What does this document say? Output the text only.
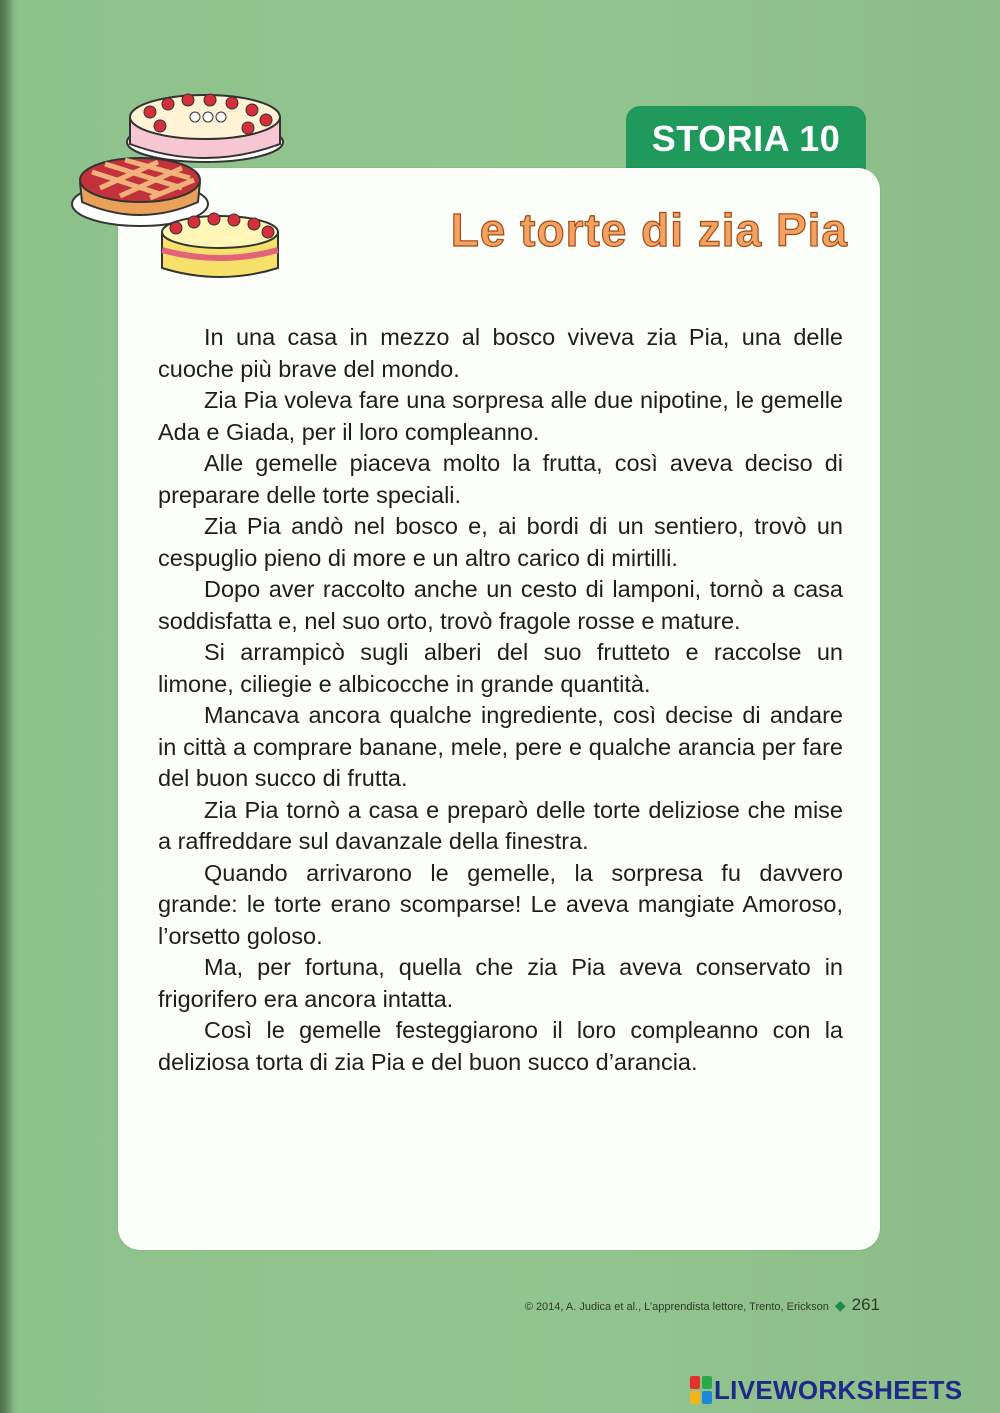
STORIA 10
Le torte di zia Pia

In una casa in mezzo al bosco viveva zia Pia, una delle cuoche più brave del mondo.

Zia Pia voleva fare una sorpresa alle due nipotine, le gemelle Ada e Giada, per il loro compleanno.

Alle gemelle piaceva molto la frutta, così aveva deciso di preparare delle torte speciali.

Zia Pia andò nel bosco e, ai bordi di un sentiero, trovò un cespuglio pieno di more e un altro carico di mirtilli.

Dopo aver raccolto anche un cesto di lamponi, tornò a casa soddisfatta e, nel suo orto, trovò fragole rosse e mature.

Si arrampicò sugli alberi del suo frutteto e raccolse un limone, ciliegie e albicocche in grande quantità.

Mancava ancora qualche ingrediente, così decise di andare in città a comprare banane, mele, pere e qualche arancia per fare del buon succo di frutta.

Zia Pia tornò a casa e preparò delle torte deliziose che mise a raffreddare sul davanzale della finestra.

Quando arrivarono le gemelle, la sorpresa fu davvero grande: le torte erano scomparse! Le aveva mangiate Amoroso, l’orsetto goloso.

Ma, per fortuna, quella che zia Pia aveva conservato in frigorifero era ancora intatta.

Così le gemelle festeggiarono il loro compleanno con la deliziosa torta di zia Pia e del buon succo d’arancia.

© 2014, A. Judica et al., L’apprendista lettore, Trento, Erickson ◆ 261
LIVEWORKSHEETS
